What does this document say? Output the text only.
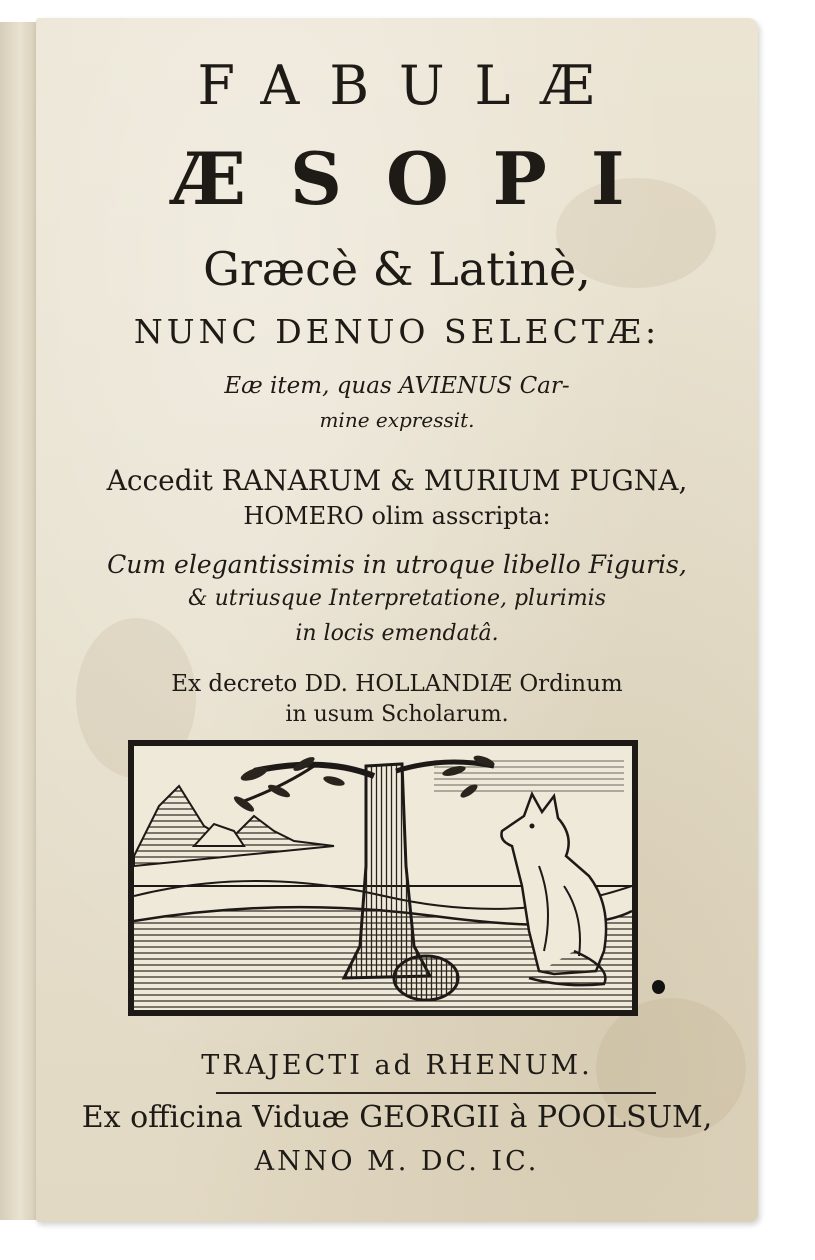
FABULÆ
ÆSOPI
Græcè & Latinè,
NUNC DENUO SELECTÆ:
Eæ item, quas AVIENUS Car-
mine expressit.
Accedit RANARUM & MURIUM PUGNA,
HOMERO olim asscripta:
Cum elegantissimis in utroque libello Figuris,
& utriusque Interpretatione, plurimis
in locis emendatâ.
Ex decreto DD. HOLLANDIÆ Ordinum
in usum Scholarum.
TRAJECTI ad RHENUM.
Ex officina Viduæ GEORGII à POOLSUM,
ANNO M. DC. IC.
